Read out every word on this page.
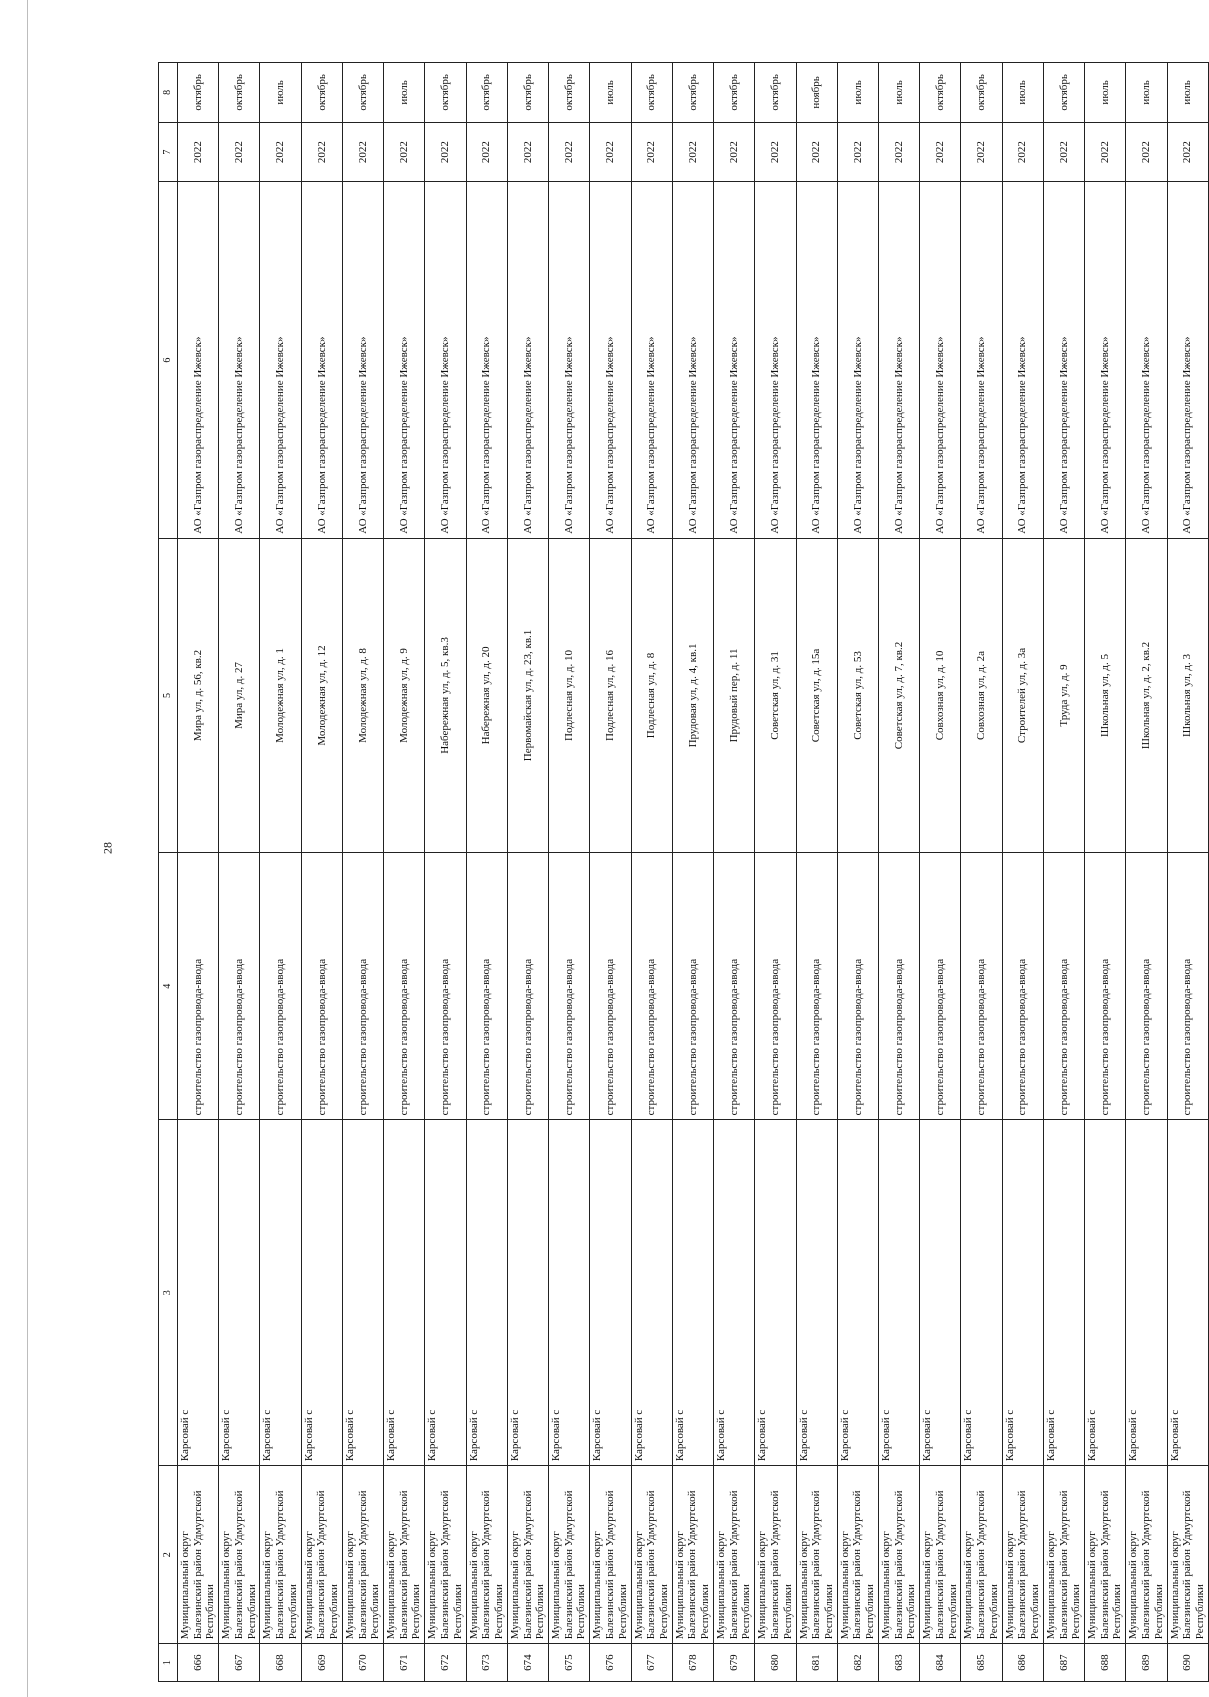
28
1	2	3	4	5	6	7	8
666	Муниципальный округ Балезинский район Удмуртской Республики	Карсовай с	строительство газопровода-ввода	Мира ул, д. 56, кв.2	АО «Газпром газораспределение Ижевск»	2022	октябрь
667	Муниципальный округ Балезинский район Удмуртской Республики	Карсовай с	строительство газопровода-ввода	Мира ул, д. 27	АО «Газпром газораспределение Ижевск»	2022	октябрь
668	Муниципальный округ Балезинский район Удмуртской Республики	Карсовай с	строительство газопровода-ввода	Молодежная ул, д. 1	АО «Газпром газораспределение Ижевск»	2022	июль
669	Муниципальный округ Балезинский район Удмуртской Республики	Карсовай с	строительство газопровода-ввода	Молодежная ул, д. 12	АО «Газпром газораспределение Ижевск»	2022	октябрь
670	Муниципальный округ Балезинский район Удмуртской Республики	Карсовай с	строительство газопровода-ввода	Молодежная ул, д. 8	АО «Газпром газораспределение Ижевск»	2022	октябрь
671	Муниципальный округ Балезинский район Удмуртской Республики	Карсовай с	строительство газопровода-ввода	Молодежная ул, д. 9	АО «Газпром газораспределение Ижевск»	2022	июль
672	Муниципальный округ Балезинский район Удмуртской Республики	Карсовай с	строительство газопровода-ввода	Набережная ул, д. 5, кв.3	АО «Газпром газораспределение Ижевск»	2022	октябрь
673	Муниципальный округ Балезинский район Удмуртской Республики	Карсовай с	строительство газопровода-ввода	Набережная ул, д. 20	АО «Газпром газораспределение Ижевск»	2022	октябрь
674	Муниципальный округ Балезинский район Удмуртской Республики	Карсовай с	строительство газопровода-ввода	Первомайская ул, д. 23, кв.1	АО «Газпром газораспределение Ижевск»	2022	октябрь
675	Муниципальный округ Балезинский район Удмуртской Республики	Карсовай с	строительство газопровода-ввода	Подлесная ул, д. 10	АО «Газпром газораспределение Ижевск»	2022	октябрь
676	Муниципальный округ Балезинский район Удмуртской Республики	Карсовай с	строительство газопровода-ввода	Подлесная ул, д. 16	АО «Газпром газораспределение Ижевск»	2022	июль
677	Муниципальный округ Балезинский район Удмуртской Республики	Карсовай с	строительство газопровода-ввода	Подлесная ул, д. 8	АО «Газпром газораспределение Ижевск»	2022	октябрь
678	Муниципальный округ Балезинский район Удмуртской Республики	Карсовай с	строительство газопровода-ввода	Прудовая ул, д. 4, кв.1	АО «Газпром газораспределение Ижевск»	2022	октябрь
679	Муниципальный округ Балезинский район Удмуртской Республики	Карсовай с	строительство газопровода-ввода	Прудовый пер, д. 11	АО «Газпром газораспределение Ижевск»	2022	октябрь
680	Муниципальный округ Балезинский район Удмуртской Республики	Карсовай с	строительство газопровода-ввода	Советская ул, д. 31	АО «Газпром газораспределение Ижевск»	2022	октябрь
681	Муниципальный округ Балезинский район Удмуртской Республики	Карсовай с	строительство газопровода-ввода	Советская ул, д. 15а	АО «Газпром газораспределение Ижевск»	2022	ноябрь
682	Муниципальный округ Балезинский район Удмуртской Республики	Карсовай с	строительство газопровода-ввода	Советская ул, д. 53	АО «Газпром газораспределение Ижевск»	2022	июль
683	Муниципальный округ Балезинский район Удмуртской Республики	Карсовай с	строительство газопровода-ввода	Советская ул, д. 7, кв.2	АО «Газпром газораспределение Ижевск»	2022	июль
684	Муниципальный округ Балезинский район Удмуртской Республики	Карсовай с	строительство газопровода-ввода	Совхозная ул, д. 10	АО «Газпром газораспределение Ижевск»	2022	октябрь
685	Муниципальный округ Балезинский район Удмуртской Республики	Карсовай с	строительство газопровода-ввода	Совхозная ул, д. 2а	АО «Газпром газораспределение Ижевск»	2022	октябрь
686	Муниципальный округ Балезинский район Удмуртской Республики	Карсовай с	строительство газопровода-ввода	Строителей ул, д. 3а	АО «Газпром газораспределение Ижевск»	2022	июль
687	Муниципальный округ Балезинский район Удмуртской Республики	Карсовай с	строительство газопровода-ввода	Труда ул, д. 9	АО «Газпром газораспределение Ижевск»	2022	октябрь
688	Муниципальный округ Балезинский район Удмуртской Республики	Карсовай с	строительство газопровода-ввода	Школьная ул, д. 5	АО «Газпром газораспределение Ижевск»	2022	июль
689	Муниципальный округ Балезинский район Удмуртской Республики	Карсовай с	строительство газопровода-ввода	Школьная ул, д. 2, кв.2	АО «Газпром газораспределение Ижевск»	2022	июль
690	Муниципальный округ Балезинский район Удмуртской Республики	Карсовай с	строительство газопровода-ввода	Школьная ул, д. 3	АО «Газпром газораспределение Ижевск»	2022	июль
